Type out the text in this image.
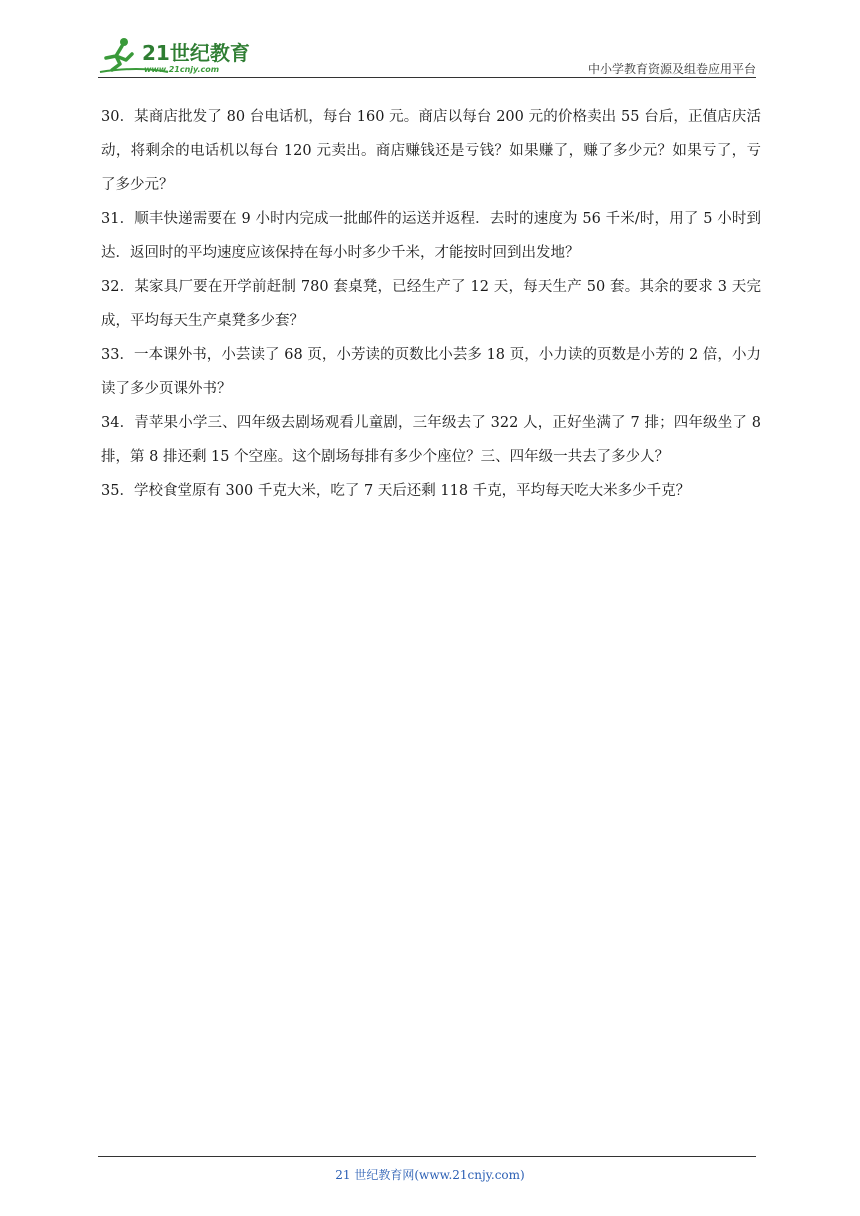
21世纪教育
www.21cnjy.com	中小学教育资源及组卷应用平台

30．某商店批发了 80 台电话机，每台 160 元。商店以每台 200 元的价格卖出 55 台后，正值店庆活动，将剩余的电话机以每台 120 元卖出。商店赚钱还是亏钱？如果赚了，赚了多少元？如果亏了，亏了多少元？

31．顺丰快递需要在 9 小时内完成一批邮件的运送并返程．去时的速度为 56 千米/时，用了 5 小时到达．返回时的平均速度应该保持在每小时多少千米，才能按时回到出发地？

32．某家具厂要在开学前赶制 780 套桌凳，已经生产了 12 天，每天生产 50 套。其余的要求 3 天完成，平均每天生产桌凳多少套？

33．一本课外书，小芸读了 68 页，小芳读的页数比小芸多 18 页，小力读的页数是小芳的 2 倍，小力读了多少页课外书？

34．青苹果小学三、四年级去剧场观看儿童剧，三年级去了 322 人，正好坐满了 7 排；四年级坐了 8 排，第 8 排还剩 15 个空座。这个剧场每排有多少个座位？三、四年级一共去了多少人？

35．学校食堂原有 300 千克大米，吃了 7 天后还剩 118 千克，平均每天吃大米多少千克？

21 世纪教育网(www.21cnjy.com)
